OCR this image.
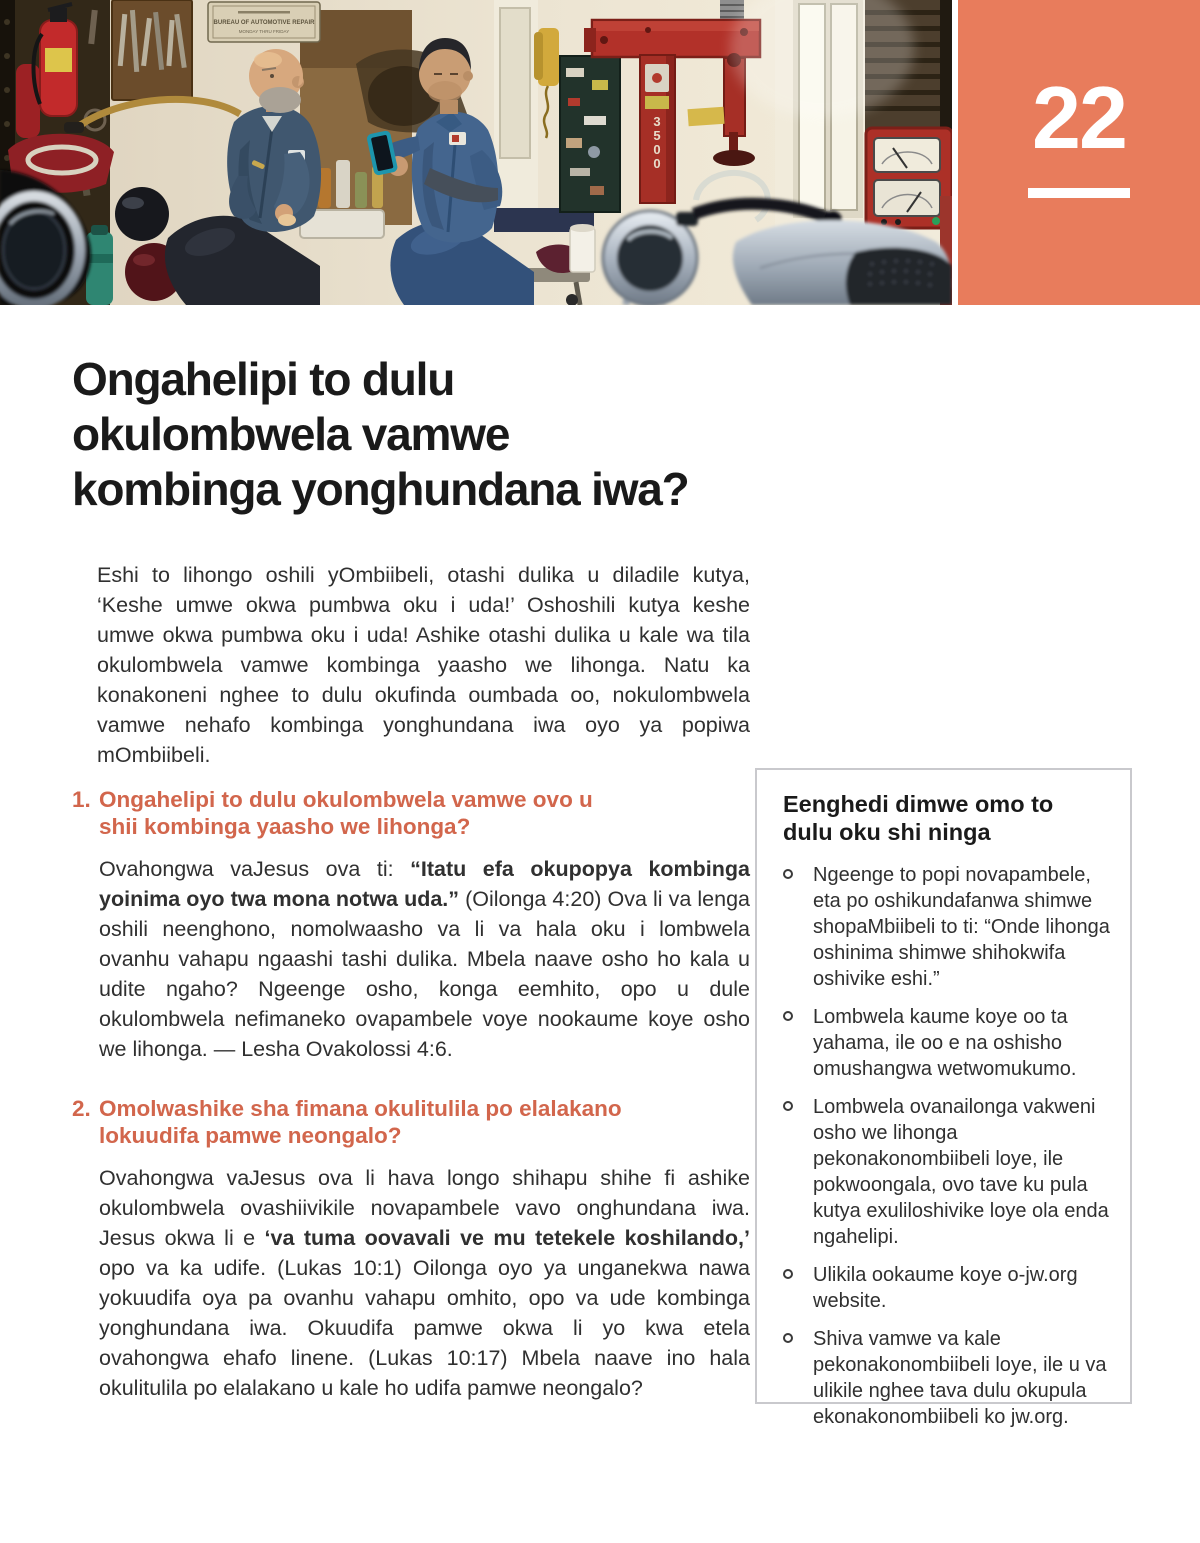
BUREAU OF AUTOMOTIVE REPAIR
MONDAY THRU FRIDAY
3 5 0 0	22
Ongahelipi to dulu
okulombwela vamwe
kombinga yonghundana iwa?

Eshi to lihongo oshili yOmbiibeli, otashi dulika u diladile kutya, ‘Keshe umwe okwa pumbwa oku i uda!’ Oshoshili kutya keshe umwe okwa pumbwa oku i uda! Ashike otashi dulika u kale wa tila okulombwela vamwe kombinga yaasho we lihonga. Natu ka konakoneni nghee to dulu okufinda oumbada oo, nokulombwela vamwe nehafo kombinga yonghundana iwa oyo ya popiwa mOmbiibeli.

1. Ongahelipi to dulu okulombwela vamwe ovo u
shii kombinga yaasho we lihonga?

Ovahongwa vaJesus ova ti: “Itatu efa okupopya kombinga yoinima oyo twa mona notwa uda.” (Oilonga 4:20) Ova li va lenga oshili neenghono, nomolwaasho va li va hala oku i lombwela ovanhu vahapu ngaashi tashi dulika. Mbela naave osho ho kala u udite ngaho? Ngeenge osho, konga eemhito, opo u dule okulombwela nefimaneko ovapambele voye nookaume koye osho we lihonga. — Lesha Ovakolossi 4:6.

2. Omolwashike sha fimana okulitulila po elalakano
lokuudifa pamwe neongalo?

Ovahongwa vaJesus ova li hava longo shihapu shihe fi ashike okulombwela ovashiivikile novapambele vavo onghundana iwa. Jesus okwa li e ‘va tuma oovavali ve mu tetekele koshilando,’ opo va ka udife. (Lukas 10:1) Oilonga oyo ya unganekwa nawa yokuudifa oya pa ovanhu vahapu omhito, opo va ude kombinga yonghundana iwa. Okuudifa pamwe okwa li yo kwa etela ovahongwa ehafo linene. (Lukas 10:17) Mbela naave ino hala okulitulila po elalakano u kale ho udifa pamwe neongalo?

Eenghedi dimwe omo to dulu oku shi ninga
Ngeenge to popi novapambele, eta po oshikundafanwa shimwe shopaMbiibeli to ti: “Onde lihonga oshinima shimwe shihokwifa oshivike eshi.”
Lombwela kaume koye oo ta yahama, ile oo e na oshisho omushangwa wetwomukumo.
Lombwela ovanailonga vakweni osho we lihonga pekonakonombiibeli loye, ile pokwoongala, ovo tave ku pula kutya exuliloshivike loye ola enda ngahelipi.
Ulikila ookaume koye o-jw.org website.
Shiva vamwe va kale pekonakonombiibeli loye, ile u va ulikile nghee tava dulu okupula ekonakonombiibeli ko jw.org.
